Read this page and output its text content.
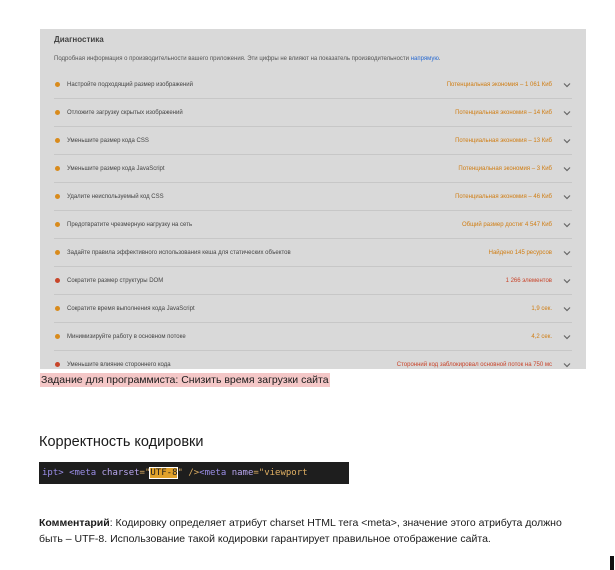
Диагностика
Подробная информация о производительности вашего приложения. Эти цифры не влияют на показатель производительности напрямую.
Настройте подходящий размер изображений	Потенциальная экономия – 1 061 Киб
Отложите загрузку скрытых изображений	Потенциальная экономия – 14 Киб
Уменьшите размер кода CSS	Потенциальная экономия – 13 Киб
Уменьшите размер кода JavaScript	Потенциальная экономия – 3 Киб
Удалите неиспользуемый код CSS	Потенциальная экономия – 46 Киб
Предотвратите чрезмерную нагрузку на сеть	Общий размер достиг 4 547 Киб
Задайте правила эффективного использования кеша для статических объектов	Найдено 145 ресурсов
Сократите размер структуры DOM	1 266 элементов
Сократите время выполнения кода JavaScript	1,9 сек.
Минимизируйте работу в основном потоке	4,2 сек.
Уменьшите влияние стороннего кода	Сторонний код заблокировал основной поток на 750 мс
Задание для программиста: Снизить время загрузки сайта
Корректность кодировки
ipt> <meta charset="UTF-8" /><meta name="viewport
Комментарий: Кодировку определяет атрибут charset HTML тега <meta>, значение этого атрибута должно быть – UTF-8. Использование такой кодировки гарантирует правильное отображение сайта.
